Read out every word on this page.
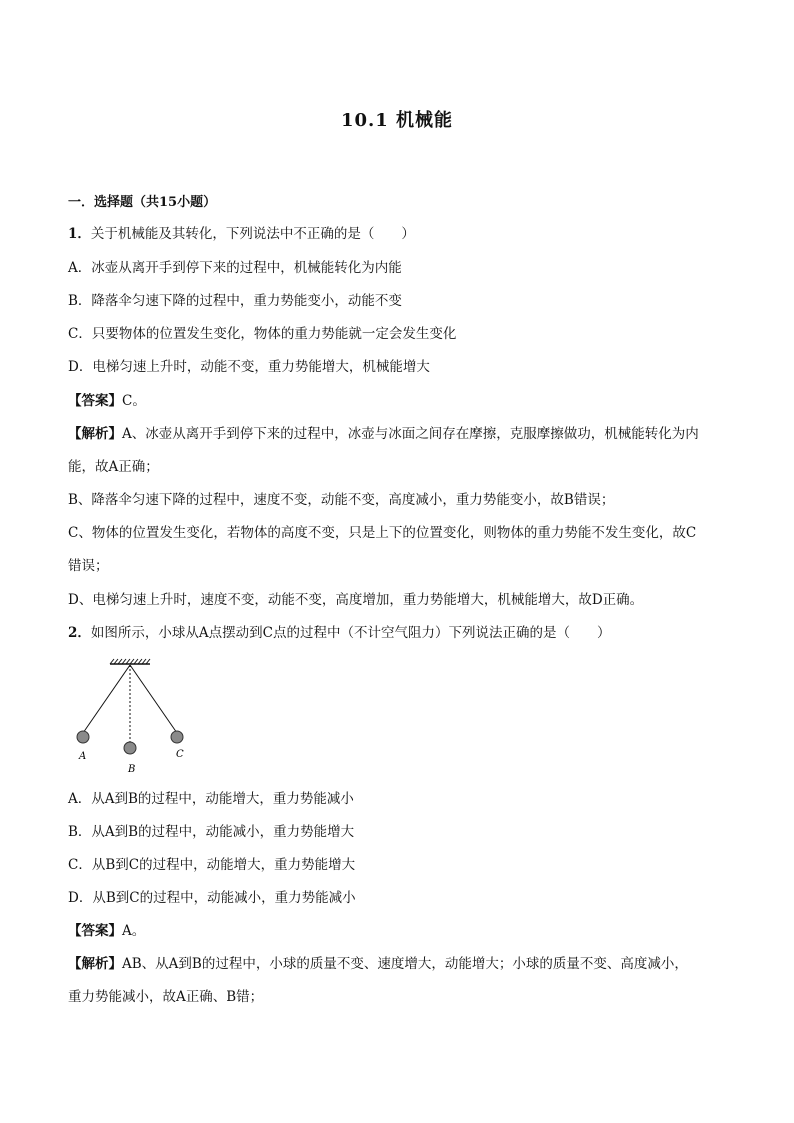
10.1 机械能
一．选择题（共15小题）
1．关于机械能及其转化，下列说法中不正确的是（　　）
A．冰壶从离开手到停下来的过程中，机械能转化为内能
B．降落伞匀速下降的过程中，重力势能变小，动能不变
C．只要物体的位置发生变化，物体的重力势能就一定会发生变化
D．电梯匀速上升时，动能不变，重力势能增大，机械能增大
【答案】C。
【解析】A、冰壶从离开手到停下来的过程中，冰壶与冰面之间存在摩擦，克服摩擦做功，机械能转化为内
能，故A正确；
B、降落伞匀速下降的过程中，速度不变，动能不变，高度减小，重力势能变小，故B错误；
C、物体的位置发生变化，若物体的高度不变，只是上下的位置变化，则物体的重力势能不发生变化，故C
错误；
D、电梯匀速上升时，速度不变，动能不变，高度增加，重力势能增大，机械能增大，故D正确。
2．如图所示，小球从A点摆动到C点的过程中（不计空气阻力）下列说法正确的是（　　）
A
B
C
A．从A到B的过程中，动能增大，重力势能减小
B．从A到B的过程中，动能减小，重力势能增大
C．从B到C的过程中，动能增大，重力势能增大
D．从B到C的过程中，动能减小，重力势能减小
【答案】A。
【解析】AB、从A到B的过程中，小球的质量不变、速度增大，动能增大；小球的质量不变、高度减小，
重力势能减小，故A正确、B错；
